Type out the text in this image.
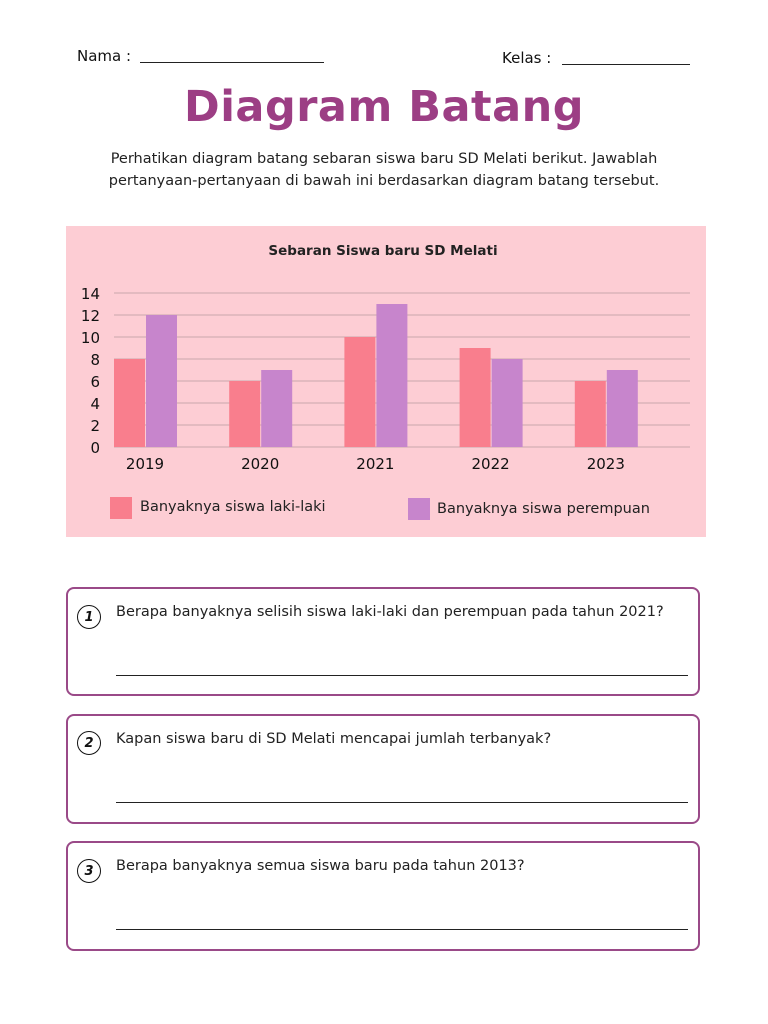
Nama :	Kelas :
Diagram Batang
Perhatikan diagram batang sebaran siswa baru SD Melati berikut. Jawablah pertanyaan-pertanyaan di bawah ini berdasarkan diagram batang tersebut.
Sebaran Siswa baru SD Melati
0
2
4
6
8
10
12
14
2019	2020	2021	2022	2023
Banyaknya siswa laki-laki	Banyaknya siswa perempuan
1	Berapa banyaknya selisih siswa laki-laki dan perempuan pada tahun 2021?
2	Kapan siswa baru di SD Melati mencapai jumlah terbanyak?
3	Berapa banyaknya semua siswa baru pada tahun 2013?
